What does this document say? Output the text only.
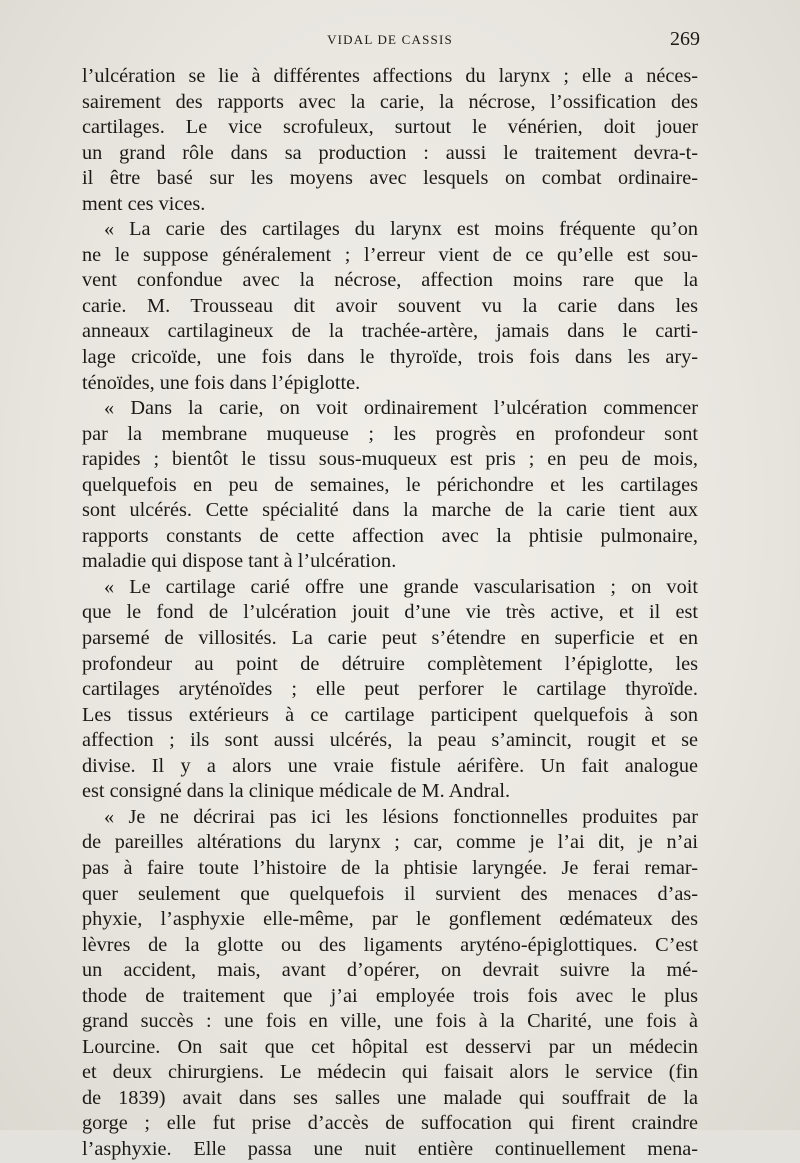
VIDAL DE CASSIS	269
l’ulcération se lie à différentes affections du larynx ; elle a néces-
sairement des rapports avec la carie, la nécrose, l’ossification des
cartilages. Le vice scrofuleux, surtout le vénérien, doit jouer
un grand rôle dans sa production : aussi le traitement devra-t-
il être basé sur les moyens avec lesquels on combat ordinaire-
ment ces vices.
« La carie des cartilages du larynx est moins fréquente qu’on
ne le suppose généralement ; l’erreur vient de ce qu’elle est sou-
vent confondue avec la nécrose, affection moins rare que la
carie. M. Trousseau dit avoir souvent vu la carie dans les
anneaux cartilagineux de la trachée-artère, jamais dans le carti-
lage cricoïde, une fois dans le thyroïde, trois fois dans les ary-
ténoïdes, une fois dans l’épiglotte.
« Dans la carie, on voit ordinairement l’ulcération commencer
par la membrane muqueuse ; les progrès en profondeur sont
rapides ; bientôt le tissu sous-muqueux est pris ; en peu de mois,
quelquefois en peu de semaines, le périchondre et les cartilages
sont ulcérés. Cette spécialité dans la marche de la carie tient aux
rapports constants de cette affection avec la phtisie pulmonaire,
maladie qui dispose tant à l’ulcération.
« Le cartilage carié offre une grande vascularisation ; on voit
que le fond de l’ulcération jouit d’une vie très active, et il est
parsemé de villosités. La carie peut s’étendre en superficie et en
profondeur au point de détruire complètement l’épiglotte, les
cartilages aryténoïdes ; elle peut perforer le cartilage thyroïde.
Les tissus extérieurs à ce cartilage participent quelquefois à son
affection ; ils sont aussi ulcérés, la peau s’amincit, rougit et se
divise. Il y a alors une vraie fistule aérifère. Un fait analogue
est consigné dans la clinique médicale de M. Andral.
« Je ne décrirai pas ici les lésions fonctionnelles produites par
de pareilles altérations du larynx ; car, comme je l’ai dit, je n’ai
pas à faire toute l’histoire de la phtisie laryngée. Je ferai remar-
quer seulement que quelquefois il survient des menaces d’as-
phyxie, l’asphyxie elle-même, par le gonflement œdémateux des
lèvres de la glotte ou des ligaments aryténo-épiglottiques. C’est
un accident, mais, avant d’opérer, on devrait suivre la mé-
thode de traitement que j’ai employée trois fois avec le plus
grand succès : une fois en ville, une fois à la Charité, une fois à
Lourcine. On sait que cet hôpital est desservi par un médecin
et deux chirurgiens. Le médecin qui faisait alors le service (fin
de 1839) avait dans ses salles une malade qui souffrait de la
gorge ; elle fut prise d’accès de suffocation qui firent craindre
l’asphyxie. Elle passa une nuit entière continuellement mena-
